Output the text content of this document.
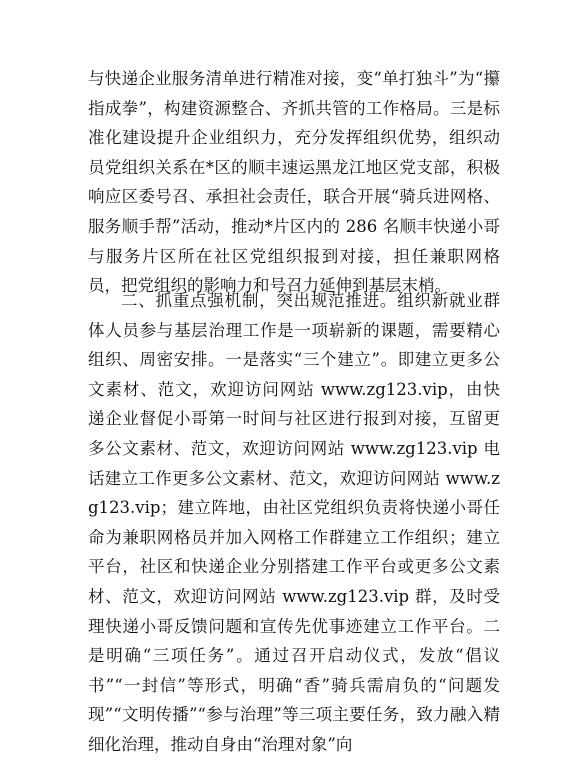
与快递企业服务清单进行精准对接，变“单打独斗”为“攥指成拳”，构建资源整合、齐抓共管的工作格局。三是标准化建设提升企业组织力，充分发挥组织优势，组织动员党组织关系在*区的顺丰速运黑龙江地区党支部，积极响应区委号召、承担社会责任，联合开展“骑兵进网格、服务顺手帮”活动，推动*片区内的 286 名顺丰快递小哥与服务片区所在社区党组织报到对接，担任兼职网格员，把党组织的影响力和号召力延伸到基层末梢。

二、抓重点强机制，突出规范推进。组织新就业群体人员参与基层治理工作是一项崭新的课题，需要精心组织、周密安排。一是落实“三个建立”。即建立更多公文素材、范文，欢迎访问网站 www.zg123.vip，由快递企业督促小哥第一时间与社区进行报到对接，互留更多公文素材、范文，欢迎访问网站 www.zg123.vip 电话建立工作更多公文素材、范文，欢迎访问网站 www.zg123.vip；建立阵地，由社区党组织负责将快递小哥任命为兼职网格员并加入网格工作群建立工作组织；建立平台，社区和快递企业分别搭建工作平台或更多公文素材、范文，欢迎访问网站 www.zg123.vip 群，及时受理快递小哥反馈问题和宣传先优事迹建立工作平台。二是明确“三项任务”。通过召开启动仪式，发放“倡议书”“一封信”等形式，明确“香”骑兵需肩负的“问题发现”“文明传播”“参与治理”等三项主要任务，致力融入精细化治理，推动自身由“治理对象”向
